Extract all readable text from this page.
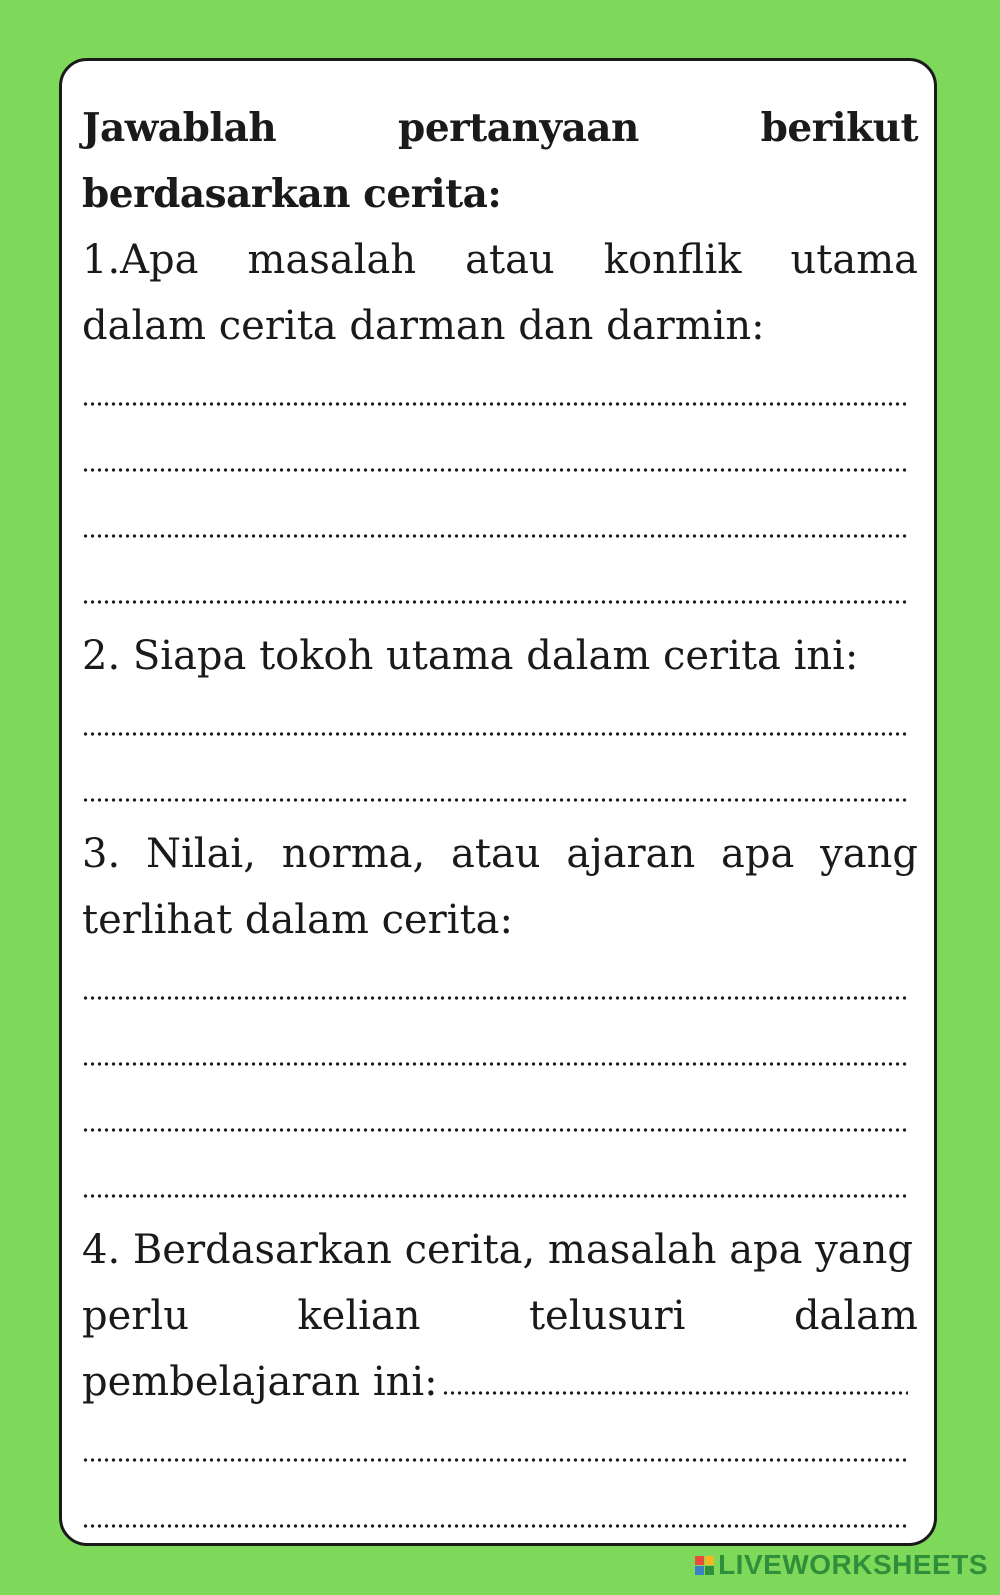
Jawablah	pertanyaan	berikut
berdasarkan cerita:
1.Apa masalah atau konflik utama
dalam cerita darman dan darmin:
2. Siapa tokoh utama dalam cerita ini:
3. Nilai, norma, atau ajaran apa yang
terlihat dalam cerita:
4. Berdasarkan cerita, masalah apa yang
perlu	kelian	telusuri	dalam
pembelajaran ini:
LIVEWORKSHEETS
